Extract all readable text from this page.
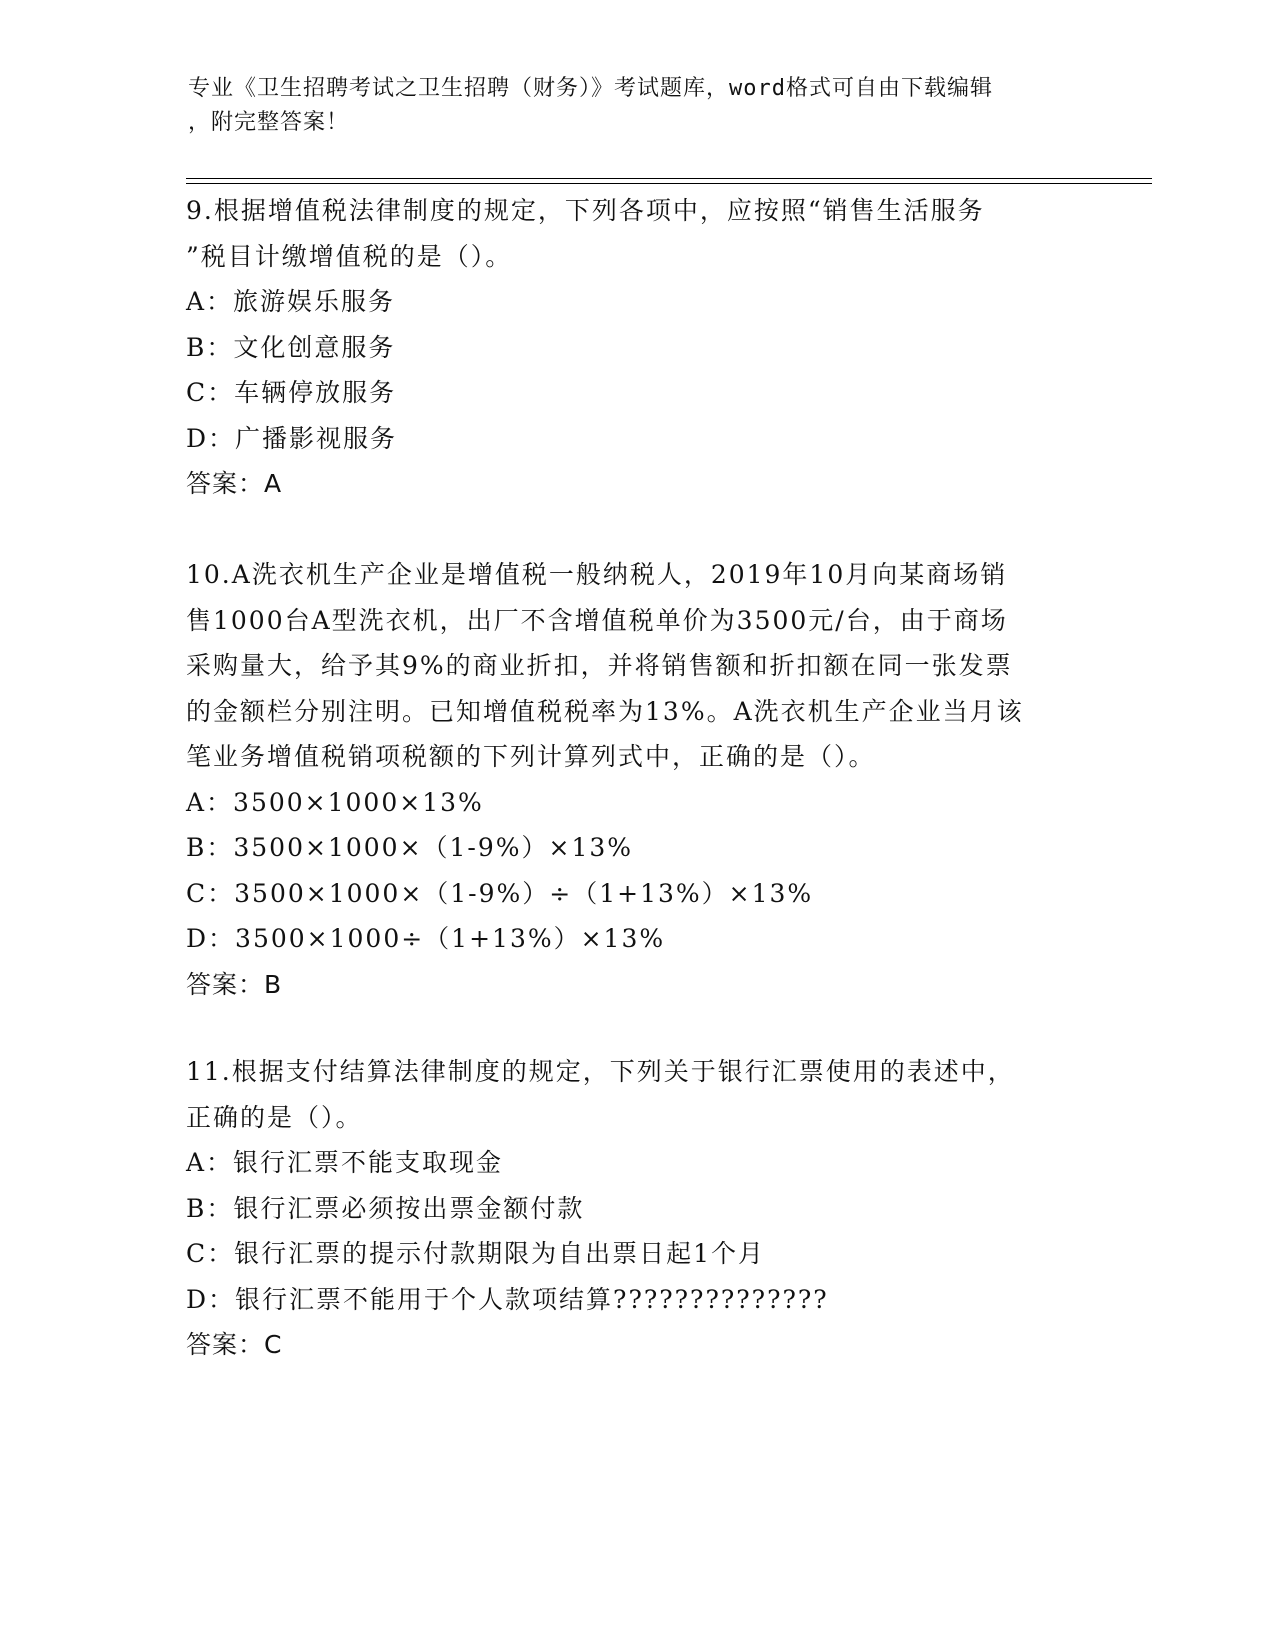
专业《卫生招聘考试之卫生招聘（财务）》考试题库，word格式可自由下载编辑
，附完整答案！
9.根据增值税法律制度的规定，下列各项中，应按照“销售生活服务
”税目计缴增值税的是（）。
A：旅游娱乐服务
B：文化创意服务
C：车辆停放服务
D：广播影视服务
答案：A
10.A洗衣机生产企业是增值税一般纳税人，2019年10月向某商场销
售1000台A型洗衣机，出厂不含增值税单价为3500元/台，由于商场
采购量大，给予其9%的商业折扣，并将销售额和折扣额在同一张发票
的金额栏分别注明。已知增值税税率为13%。A洗衣机生产企业当月该
笔业务增值税销项税额的下列计算列式中，正确的是（）。
A：3500×1000×13%
B：3500×1000×（1-9%）×13%
C：3500×1000×（1-9%）÷（1+13%）×13%
D：3500×1000÷（1+13%）×13%
答案：B
11.根据支付结算法律制度的规定，下列关于银行汇票使用的表述中，
正确的是（）。
A：银行汇票不能支取现金
B：银行汇票必须按出票金额付款
C：银行汇票的提示付款期限为自出票日起1个月
D：银行汇票不能用于个人款项结算??????????????
答案：C
